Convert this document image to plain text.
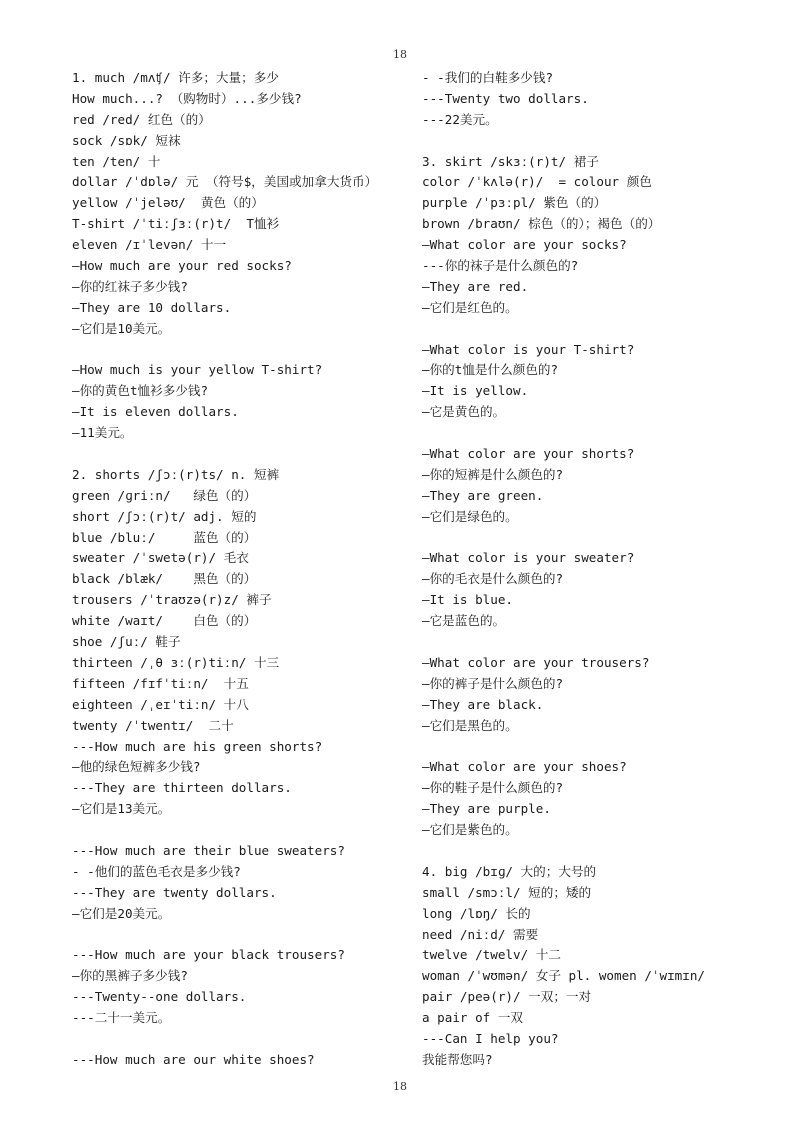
18
1. much /mʌʧ/ 许多；大量；多少
How much...? （购物时）...多少钱?
red /red/ 红色（的）
sock /sɒk/ 短袜
ten /ten/ 十
dollar /ˈdɒlə/ 元 （符号$，美国或加拿大货币）
yellow /ˈjeləʊ/  黄色（的）
T-shirt /ˈtiːʃɜː(r)t/  T恤衫
eleven /ɪˈlevən/ 十一
—How much are your red socks?
—你的红袜子多少钱?
—They are 10 dollars.
—它们是10美元。
—How much is your yellow T-shirt?
—你的黄色t恤衫多少钱?
—It is eleven dollars.
—11美元。
2. shorts /ʃɔː(r)ts/ n. 短裤
green /ɡriːn/   绿色（的）
short /ʃɔː(r)t/ adj. 短的
blue /bluː/     蓝色（的）
sweater /ˈswetə(r)/ 毛衣
black /blæk/    黑色（的）
trousers /ˈtraʊzə(r)z/ 裤子
white /waɪt/    白色（的）
shoe /ʃuː/ 鞋子
thirteen /ˌθ ɜː(r)tiːn/ 十三
fifteen /fɪfˈtiːn/  十五
eighteen /ˌeɪˈtiːn/ 十八
twenty /ˈtwentɪ/  二十
---How much are his green shorts?
—他的绿色短裤多少钱?
---They are thirteen dollars.
—它们是13美元。
---How much are their blue sweaters?
- -他们的蓝色毛衣是多少钱?
---They are twenty dollars.
—它们是20美元。
---How much are your black trousers?
—你的黑裤子多少钱?
---Twenty--one dollars.
---二十一美元。
---How much are our white shoes?
- -我们的白鞋多少钱?
---Twenty two dollars.
---22美元。
3. skirt /skɜː(r)t/ 裙子
color /ˈkʌlə(r)/  = colour 颜色
purple /ˈpɜːpl/ 紫色（的）
brown /braʊn/ 棕色（的）；褐色（的）
—What color are your socks?
---你的袜子是什么颜色的?
—They are red.
—它们是红色的。
—What color is your T-shirt?
—你的t恤是什么颜色的?
—It is yellow.
—它是黄色的。
—What color are your shorts?
—你的短裤是什么颜色的?
—They are green.
—它们是绿色的。
—What color is your sweater?
—你的毛衣是什么颜色的?
—It is blue.
—它是蓝色的。
—What color are your trousers?
—你的裤子是什么颜色的?
—They are black.
—它们是黑色的。
—What color are your shoes?
—你的鞋子是什么颜色的?
—They are purple.
—它们是紫色的。
4. big /bɪɡ/ 大的；大号的
small /smɔːl/ 短的；矮的
long /lɒŋ/ 长的
need /niːd/ 需要
twelve /twelv/ 十二
woman /ˈwʊmən/ 女子 pl. women /ˈwɪmɪn/
pair /peə(r)/ 一双；一对
a pair of 一双
---Can I help you?
我能帮您吗?
18
